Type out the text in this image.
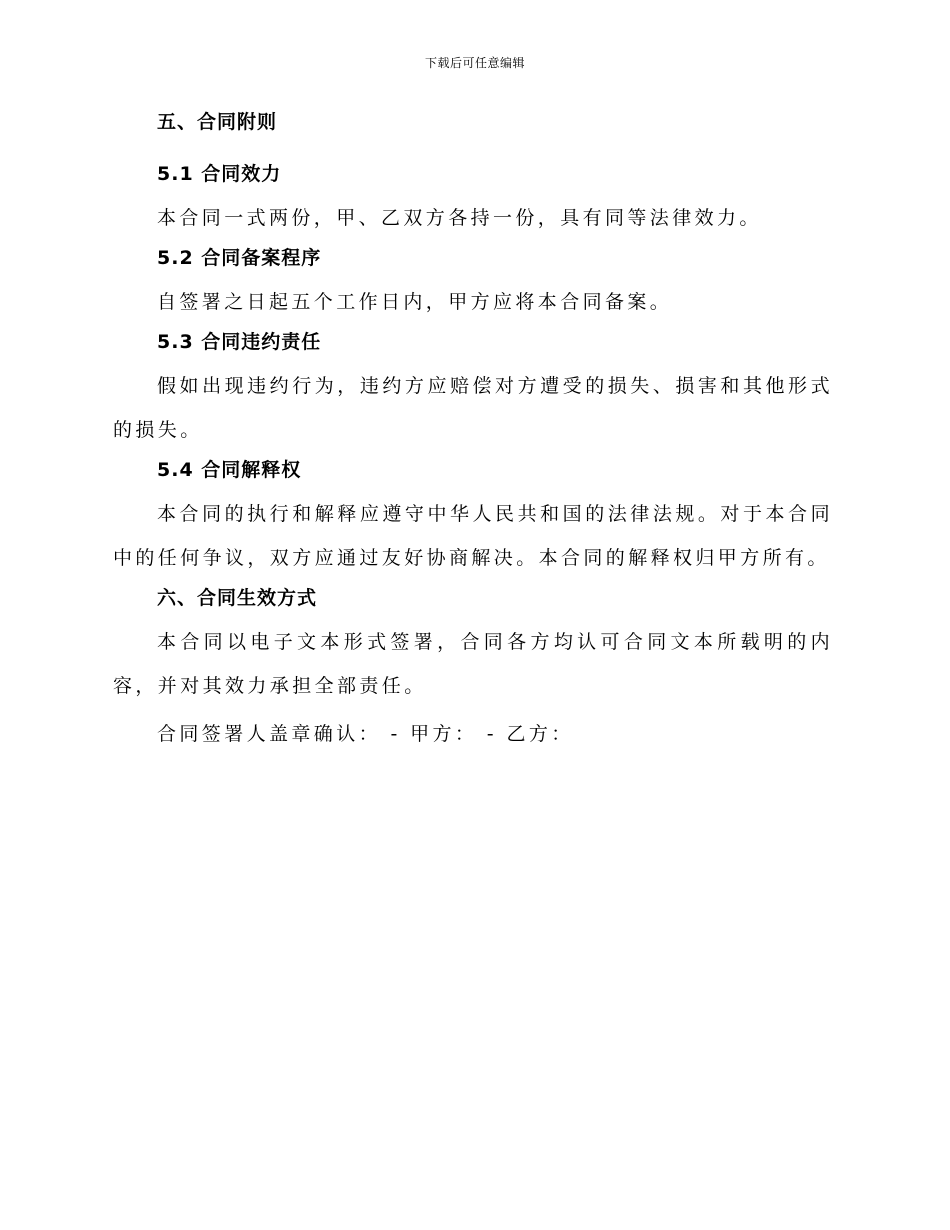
下载后可任意编辑
五、合同附则
5.1 合同效力

本合同一式两份，甲、乙双方各持一份，具有同等法律效力。

5.2 合同备案程序

自签署之日起五个工作日内，甲方应将本合同备案。

5.3 合同违约责任

假如出现违约行为，违约方应赔偿对方遭受的损失、损害和其他形式的损失。

5.4 合同解释权

本合同的执行和解释应遵守中华人民共和国的法律法规。对于本合同中的任何争议，双方应通过友好协商解决。本合同的解释权归甲方所有。

六、合同生效方式

本合同以电子文本形式签署，合同各方均认可合同文本所载明的内容，并对其效力承担全部责任。

合同签署人盖章确认： - 甲方： - 乙方：
